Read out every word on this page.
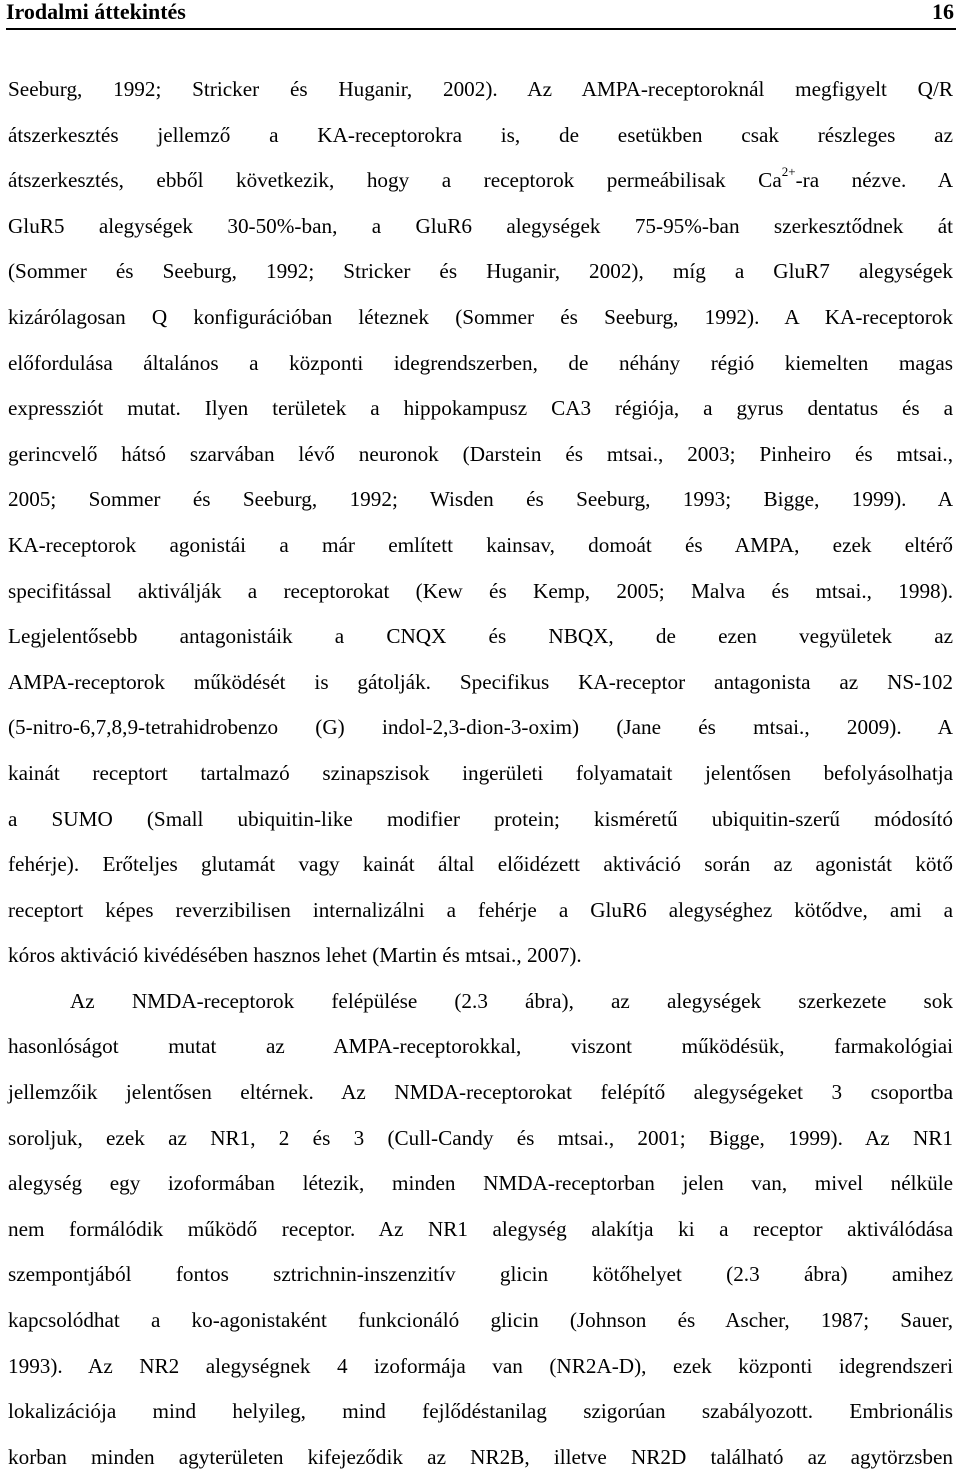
Irodalmi áttekintés	16
Seeburg, 1992; Stricker és Huganir, 2002). Az AMPA-receptoroknál megfigyelt Q/R
átszerkesztés jellemző a KA-receptorokra is, de esetükben csak részleges az
átszerkesztés, ebből következik, hogy a receptorok permeábilisak $Ca^{2+}-ra$ nézve. A
GluR5 alegységek 30-50%-ban, a GluR6 alegységek 75-95%-ban szerkesztődnek át
(Sommer és Seeburg, 1992; Stricker és Huganir, 2002), míg a GluR7 alegységek
kizárólagosan Q konfigurációban léteznek (Sommer és Seeburg, 1992). A KA-receptorok
előfordulása általános a központi idegrendszerben, de néhány régió kiemelten magas
expressziót mutat. Ilyen területek a hippokampusz CA3 régiója, a gyrus dentatus és a
gerincvelő hátsó szarvában lévő neuronok (Darstein és mtsai., 2003; Pinheiro és mtsai.,
2005; Sommer és Seeburg, 1992; Wisden és Seeburg, 1993; Bigge, 1999). A
KA-receptorok agonistái a már említett kainsav, domoát és AMPA, ezek eltérő
specifitással aktiválják a receptorokat (Kew és Kemp, 2005; Malva és mtsai., 1998).
Legjelentősebb antagonistáik a CNQX és NBQX, de ezen vegyületek az
AMPA-receptorok működését is gátolják. Specifikus KA-receptor antagonista az NS-102
(5-nitro-6,7,8,9-tetrahidrobenzo (G) indol-2,3-dion-3-oxim) (Jane és mtsai., 2009). A
kainát receptort tartalmazó szinapszisok ingerületi folyamatait jelentősen befolyásolhatja
a SUMO (Small ubiquitin-like modifier protein; kisméretű ubiquitin-szerű módosító
fehérje). Erőteljes glutamát vagy kainát által előidézett aktiváció során az agonistát kötő
receptort képes reverzibilisen internalizálni a fehérje a GluR6 alegységhez kötődve, ami a
kóros aktiváció kivédésében hasznos lehet (Martin és mtsai., 2007).
Az NMDA-receptorok felépülése (2.3 ábra), az alegységek szerkezete sok
hasonlóságot mutat az AMPA-receptorokkal, viszont működésük, farmakológiai
jellemzőik jelentősen eltérnek. Az NMDA-receptorokat felépítő alegységeket 3 csoportba
soroljuk, ezek az NR1, 2 és 3 (Cull-Candy és mtsai., 2001; Bigge, 1999). Az NR1
alegység egy izoformában létezik, minden NMDA-receptorban jelen van, mivel nélküle
nem formálódik működő receptor. Az NR1 alegység alakítja ki a receptor aktiválódása
szempontjából fontos sztrichnin-inszenzitív glicin kötőhelyet (2.3 ábra) amihez
kapcsolódhat a ko-agonistaként funkcionáló glicin (Johnson és Ascher, 1987; Sauer,
1993). Az NR2 alegységnek 4 izoformája van (NR2A-D), ezek központi idegrendszeri
lokalizációja mind helyileg, mind fejlődéstanilag szigorúan szabályozott. Embrionális
korban minden agyterületen kifejeződik az NR2B, illetve NR2D található az agytörzsben
